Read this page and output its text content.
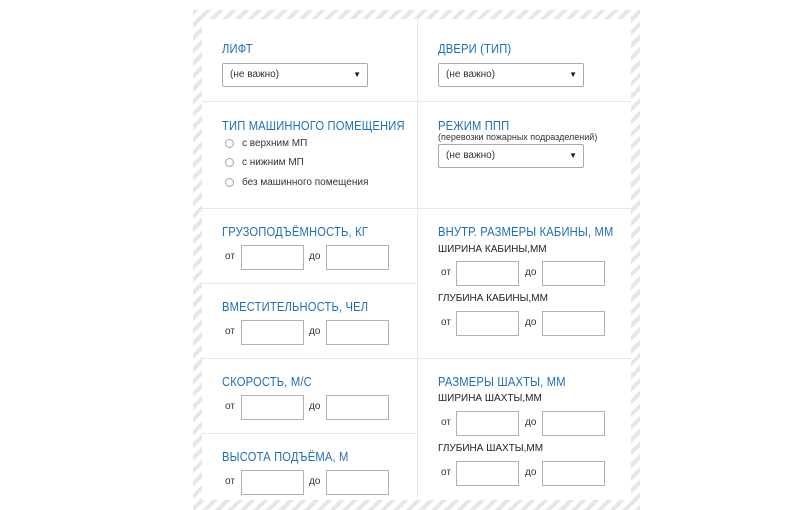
ЛИФТ
(не важно)	▼
ДВЕРИ (ТИП)
(не важно)	▼
ТИП МАШИННОГО ПОМЕЩЕНИЯ
с верхним МП
с нижним МП
без машинного помещения
РЕЖИМ ППП
(перевозки пожарных подразделений)
(не важно)	▼
ГРУЗОПОДЪЁМНОСТЬ, КГ
от	до
ВМЕСТИТЕЛЬНОСТЬ, ЧЕЛ
от	до
СКОРОСТЬ, М/С
от	до
ВЫСОТА ПОДЪЁМА, М
от	до
ВНУТР. РАЗМЕРЫ КАБИНЫ, ММ
ШИРИНА КАБИНЫ,ММ
от	до
ГЛУБИНА КАБИНЫ,ММ
от	до
РАЗМЕРЫ ШАХТЫ, ММ
ШИРИНА ШАХТЫ,ММ
от	до
ГЛУБИНА ШАХТЫ,ММ
от	до
